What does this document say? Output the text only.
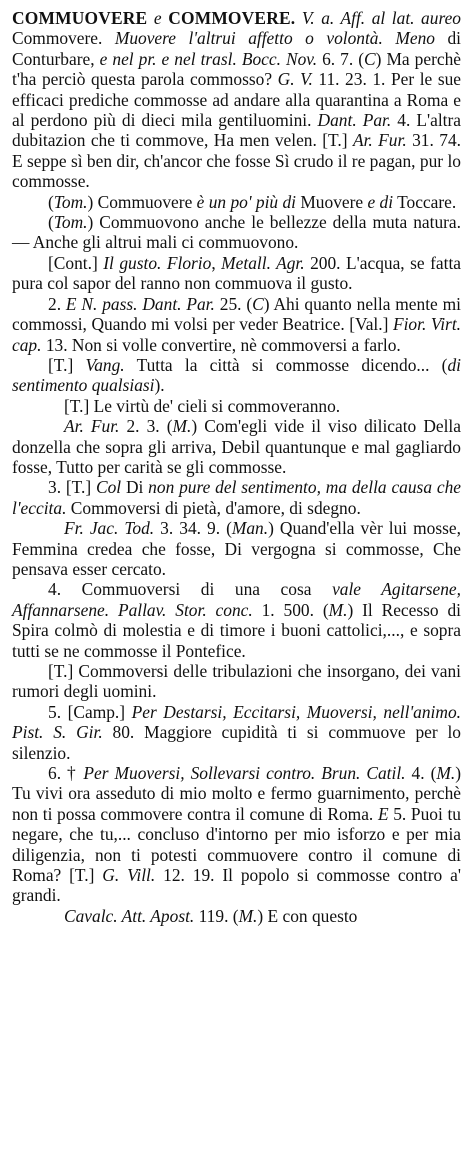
COMMUOVERE e COMMOVERE. V. a. Aff. al lat. aureo Commovere. Muovere l'altrui affetto o volontà. Meno di Conturbare, e nel pr. e nel trasl. Bocc. Nov. 6. 7. (C) Ma perchè t'ha perciò questa parola commosso? G. V. 11. 23. 1. Per le sue efficaci prediche commosse ad andare alla quarantina a Roma e al perdono più di dieci mila gentiluomini. Dant. Par. 4. L'altra dubitazion che ti commove, Ha men velen. [T.] Ar. Fur. 31. 74. E seppe sì ben dir, ch'ancor che fosse Sì crudo il re pagan, pur lo commosse.

(Tom.) Commuovere è un po' più di Muovere e di Toccare.

(Tom.) Commuovono anche le bellezze della muta natura. — Anche gli altrui mali ci commuovono.

[Cont.] Il gusto. Florio, Metall. Agr. 200. L'acqua, se fatta pura col sapor del ranno non commuova il gusto.

2. E N. pass. Dant. Par. 25. (C) Ahi quanto nella mente mi commossi, Quando mi volsi per veder Beatrice. [Val.] Fior. Virt. cap. 13. Non si volle convertire, nè commoversi a farlo.

[T.] Vang. Tutta la città si commosse dicendo... (di sentimento qualsiasi).

[T.] Le virtù de' cieli si commoveranno.

Ar. Fur. 2. 3. (M.) Com'egli vide il viso dilicato Della donzella che sopra gli arriva, Debil quantunque e mal gagliardo fosse, Tutto per carità se gli commosse.

3. [T.] Col Di non pure del sentimento, ma della causa che l'eccita. Commoversi di pietà, d'amore, di sdegno.

Fr. Jac. Tod. 3. 34. 9. (Man.) Quand'ella vèr lui mosse, Femmina credea che fosse, Di vergogna si commosse, Che pensava esser cercato.

4. Commuoversi di una cosa vale Agitarsene, Affannarsene. Pallav. Stor. conc. 1. 500. (M.) Il Recesso di Spira colmò di molestia e di timore i buoni cattolici,..., e sopra tutti se ne commosse il Pontefice.

[T.] Commoversi delle tribulazioni che insorgano, dei vani rumori degli uomini.

5. [Camp.] Per Destarsi, Eccitarsi, Muoversi, nell'animo. Pist. S. Gir. 80. Maggiore cupidità ti si commuove per lo silenzio.

6. † Per Muoversi, Sollevarsi contro. Brun. Catil. 4. (M.) Tu vivi ora asseduto di mio molto e fermo guarnimento, perchè non ti possa commovere contra il comune di Roma. E 5. Puoi tu negare, che tu,... concluso d'intorno per mio isforzo e per mia diligenzia, non ti potesti commuovere contro il comune di Roma? [T.] G. Vill. 12. 19. Il popolo si commosse contro a' grandi.

Cavalc. Att. Apost. 119. (M.) E con questo
